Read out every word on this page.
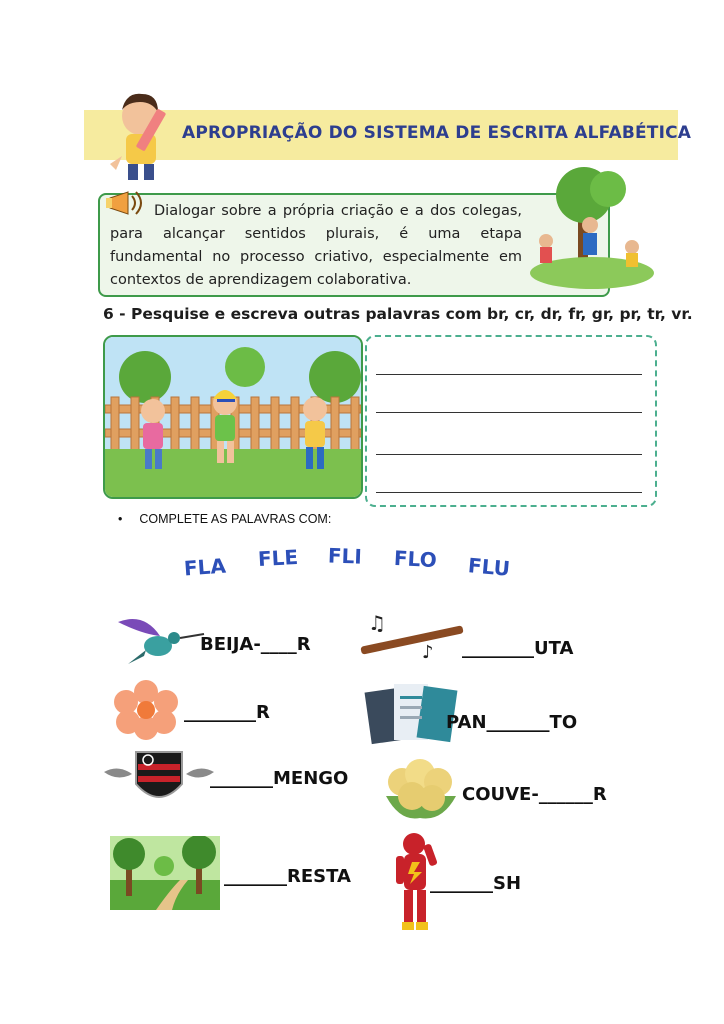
APROPRIAÇÃO DO SISTEMA DE ESCRITA ALFABÉTICA
Dialogar sobre a própria criação e a dos colegas, para alcançar sentidos plurais, é uma etapa fundamental no processo criativo, especialmente em contextos de aprendizagem colaborativa.
6 - Pesquise e escreva outras palavras com br, cr, dr, fr, gr, pr, tr, vr.
• COMPLETE AS PALAVRAS COM:
FLA FLE FLI FLO FLU
BEIJA-____R
♫
♪ ________UTA
________R	PAN_______TO
_______MENGO
COUVE-______R
_______RESTA	_______SH
